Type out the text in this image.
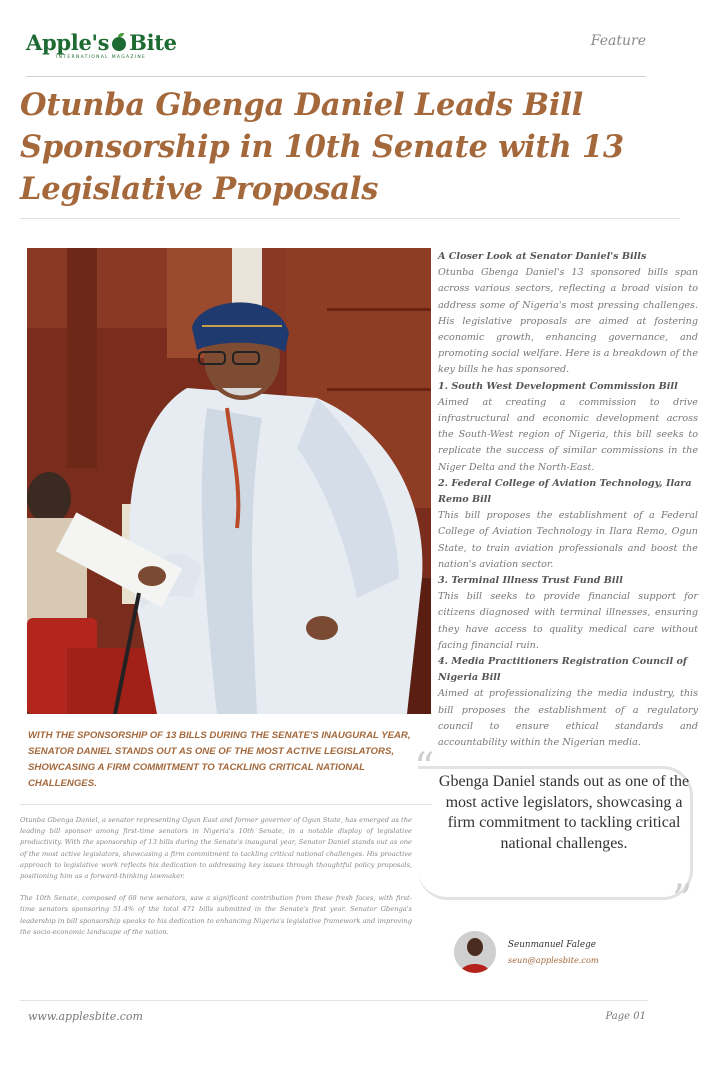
Apple's Bite
INTERNATIONAL MAGAZINE
Feature
Otunba Gbenga Daniel Leads Bill Sponsorship in 10th Senate with 13 Legislative Proposals

WITH THE SPONSORSHIP OF 13 BILLS DURING THE SENATE'S INAUGURAL YEAR, SENATOR DANIEL STANDS OUT AS ONE OF THE MOST ACTIVE LEGISLATORS, SHOWCASING A FIRM COMMITMENT TO TACKLING CRITICAL NATIONAL CHALLENGES.

A Closer Look at Senator Daniel's Bills

Otunba Gbenga Daniel's 13 sponsored bills span across various sectors, reflecting a broad vision to address some of Nigeria's most pressing challenges. His legislative proposals are aimed at fostering economic growth, enhancing governance, and promoting social welfare. Here is a breakdown of the key bills he has sponsored.

1. South West Development Commission Bill

Aimed at creating a commission to drive infrastructural and economic development across the South-West region of Nigeria, this bill seeks to replicate the success of similar commissions in the Niger Delta and the North-East.

2. Federal College of Aviation Technology, Ilara Remo Bill

This bill proposes the establishment of a Federal College of Aviation Technology in Ilara Remo, Ogun State, to train aviation professionals and boost the nation's aviation sector.

3. Terminal Illness Trust Fund Bill

This bill seeks to provide financial support for citizens diagnosed with terminal illnesses, ensuring they have access to quality medical care without facing financial ruin.

4. Media Practitioners Registration Council of Nigeria Bill

Aimed at professionalizing the media industry, this bill proposes the establishment of a regulatory council to ensure ethical standards and accountability within the Nigerian media.

“ Gbenga Daniel stands out as one of the most active legislators, showcasing a firm commitment to tackling critical national challenges.

”

Otunba Gbenga Daniel, a senator representing Ogun East and former governor of Ogun State, has emerged as the leading bill sponsor among first-time senators in Nigeria's 10th Senate, in a notable display of legislative productivity. With the sponsorship of 13 bills during the Senate's inaugural year, Senator Daniel stands out as one of the most active legislators, showcasing a firm commitment to tackling critical national challenges. His proactive approach to legislative work reflects his dedication to addressing key issues through thoughtful policy proposals, positioning him as a forward-thinking lawmaker.

The 10th Senate, composed of 68 new senators, saw a significant contribution from these fresh faces, with first-time senators sponsoring 51.4% of the total 471 bills submitted in the Senate's first year. Senator Gbenga's leadership in bill sponsorship speaks to his dedication to enhancing Nigeria's legislative framework and improving the socio-economic landscape of the nation.

Seunmanuel Falege
seun@applesbite.com
www.applesbite.com	Page 01
